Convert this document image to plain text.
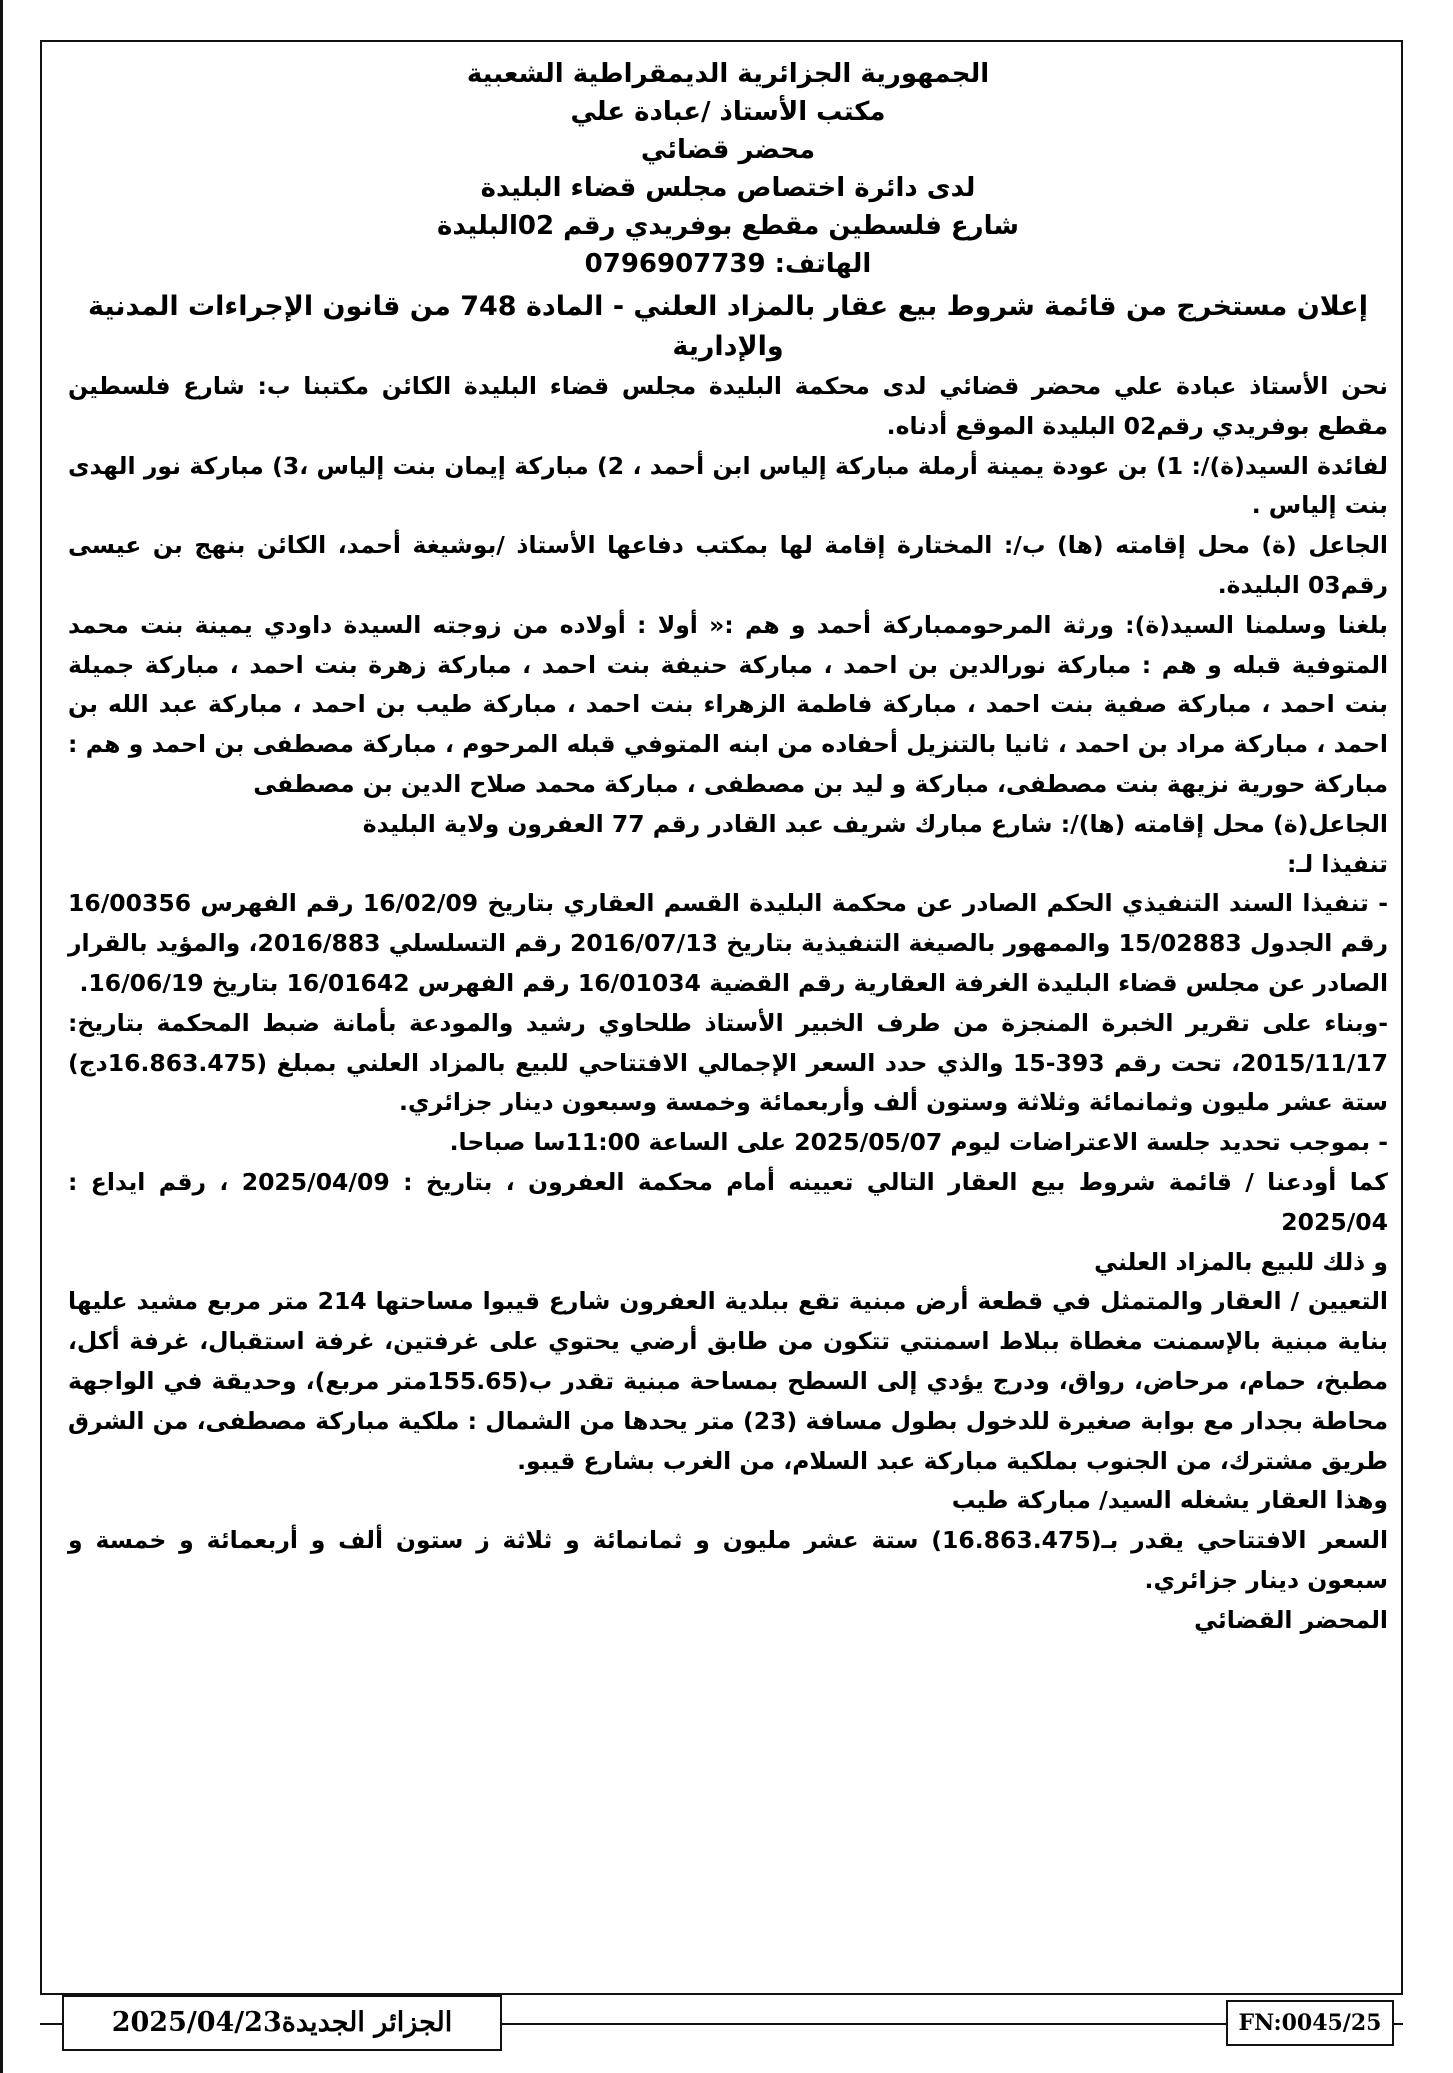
الجمهورية الجزائرية الديمقراطية الشعبية
مكتب الأستاذ /عبادة علي
محضر قضائي
لدى دائرة اختصاص مجلس قضاء البليدة
شارع فلسطين مقطع بوفريدي رقم 02البليدة
الهاتف: 0796907739
إعلان مستخرج من قائمة شروط بيع عقار بالمزاد العلني - المادة 748 من قانون الإجراءات المدنية والإدارية

نحن الأستاذ عبادة علي محضر قضائي لدى محكمة البليدة مجلس قضاء البليدة الكائن مكتبنا ب: شارع فلسطين مقطع بوفريدي رقم02 البليدة الموقع أدناه.

لفائدة السيد(ة)/: 1) بن عودة يمينة أرملة مباركة إلياس ابن أحمد ، 2) مباركة إيمان بنت إلياس ،3) مباركة نور الهدى بنت إلياس .

الجاعل (ة) محل إقامته (ها) ب/: المختارة إقامة لها بمكتب دفاعها الأستاذ /بوشيغة أحمد، الكائن بنهج بن عيسى رقم03 البليدة.

بلغنا وسلمنا السيد(ة): ورثة المرحوممباركة أحمد و هم :« أولا : أولاده من زوجته السيدة داودي يمينة بنت محمد المتوفية قبله و هم : مباركة نورالدين بن احمد ، مباركة حنيفة بنت احمد ، مباركة زهرة بنت احمد ، مباركة جميلة بنت احمد ، مباركة صفية بنت احمد ، مباركة فاطمة الزهراء بنت احمد ، مباركة طيب بن احمد ، مباركة عبد الله بن احمد ، مباركة مراد بن احمد ، ثانيا بالتنزيل أحفاده من ابنه المتوفي قبله المرحوم ، مباركة مصطفى بن احمد و هم : مباركة حورية نزيهة بنت مصطفى، مباركة و ليد بن مصطفى ، مباركة محمد صلاح الدين بن مصطفى

الجاعل(ة) محل إقامته (ها)/: شارع مبارك شريف عبد القادر رقم 77 العفرون ولاية البليدة

تنفيذا لـ:

- تنفيذا السند التنفيذي الحكم الصادر عن محكمة البليدة القسم العقاري بتاريخ 16/02/09 رقم الفهرس 16/00356 رقم الجدول 15/02883 والممهور بالصيغة التنفيذية بتاريخ 2016/07/13 رقم التسلسلي 2016/883، والمؤيد بالقرار الصادر عن مجلس قضاء البليدة الغرفة العقارية رقم القضية 16/01034 رقم الفهرس 16/01642 بتاريخ 16/06/19.

-وبناء على تقرير الخبرة المنجزة من طرف الخبير الأستاذ طلحاوي رشيد والمودعة بأمانة ضبط المحكمة بتاريخ: 2015/11/17، تحت رقم 393-15 والذي حدد السعر الإجمالي الافتتاحي للبيع بالمزاد العلني بمبلغ (16.863.475دج) ستة عشر مليون وثمانمائة وثلاثة وستون ألف وأربعمائة وخمسة وسبعون دينار جزائري.

- بموجب تحديد جلسة الاعتراضات ليوم 2025/05/07 على الساعة 11:00سا صباحا.

كما أودعنا / قائمة شروط بيع العقار التالي تعيينه أمام محكمة العفرون ، بتاريخ : 2025/04/09 ، رقم ايداع : 2025/04

و ذلك للبيع بالمزاد العلني

التعيين / العقار والمتمثل في قطعة أرض مبنية تقع ببلدية العفرون شارع قيبوا مساحتها 214 متر مربع مشيد عليها بناية مبنية بالإسمنت مغطاة ببلاط اسمنتي تتكون من طابق أرضي يحتوي على غرفتين، غرفة استقبال، غرفة أكل، مطبخ، حمام، مرحاض، رواق، ودرج يؤدي إلى السطح بمساحة مبنية تقدر ب(155.65متر مربع)، وحديقة في الواجهة محاطة بجدار مع بوابة صغيرة للدخول بطول مسافة (23) متر يحدها من الشمال : ملكية مباركة مصطفى، من الشرق طريق مشترك، من الجنوب بملكية مباركة عبد السلام، من الغرب بشارع قيبو.

وهذا العقار يشغله السيد/ مباركة طيب

السعر الافتتاحي يقدر بـ(16.863.475) ستة عشر مليون و ثمانمائة و ثلاثة ز ستون ألف و أربعمائة و خمسة و سبعون دينار جزائري.

المحضر القضائي

الجزائر الجديدة2025/04/23	FN:0045/25
